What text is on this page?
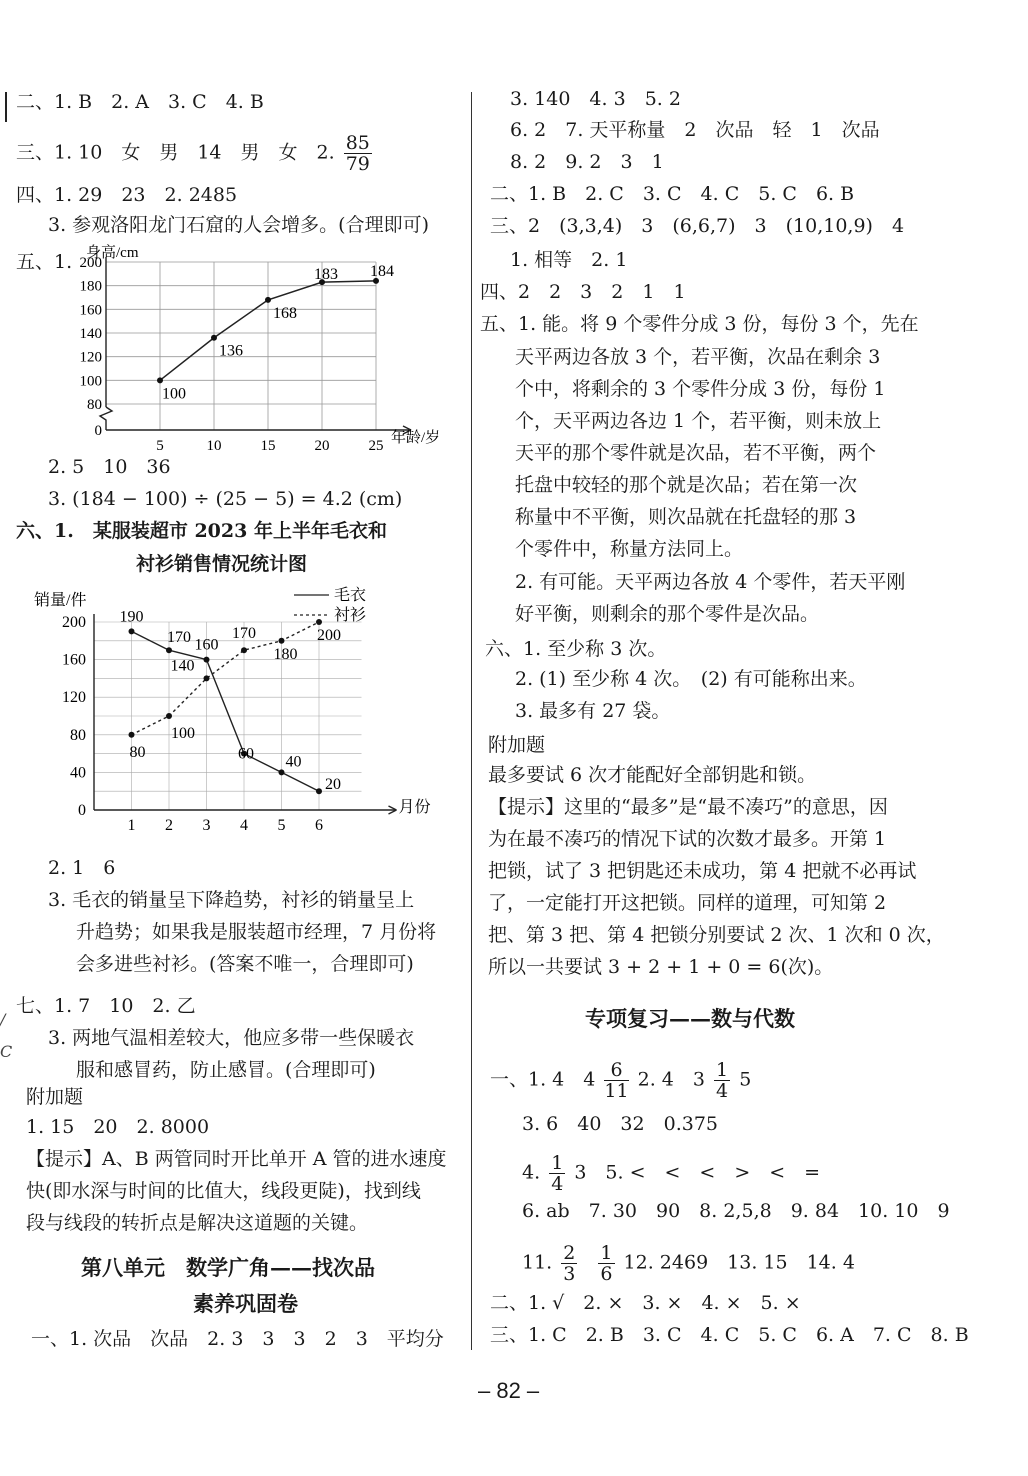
二、1. B　2. A　3. C　4. B
三、1. 10　女　男　14　男　女　2. $\frac{85}{79}$
四、1. 29　23　2. 2485
3. 参观洛阳龙门石窟的人会增多。(合理即可)
五、1.
0
80
100
120
140
160
180
200
5	10	15	20	25
身高/cm
年龄/岁
100
136
168
183 184
2. 5　10　36
3. (184 − 100) ÷ (25 − 5) = 4.2 (cm)
六、1.　某服装超市 2023 年上半年毛衣和
衬衫销售情况统计图
0
40
80
120
160
200
1 2 3 4 5 6
销量/件
月份
毛衣
衬衫
190
170 160
60 40
20
80
100
140
170
180
200
2. 1　6
3. 毛衣的销量呈下降趋势，衬衫的销量呈上
升趋势；如果我是服装超市经理，7 月份将
会多进些衬衫。(答案不唯一，合理即可)
七、1. 7　10　2. 乙
3. 两地气温相差较大，他应多带一些保暖衣
服和感冒药，防止感冒。(合理即可)
附加题
1. 15　20　2. 8000
【提示】A、B 两管同时开比单开 A 管的进水速度
快(即水深与时间的比值大，线段更陡)，找到线
段与线段的转折点是解决这道题的关键。
第八单元　数学广角——找次品
素养巩固卷
一、1. 次品　次品　2. 3　3　3　2　3　平均分
3. 140　4. 3　5. 2
6. 2　7. 天平称量　2　次品　轻　1　次品
8. 2　9. 2　3　1
二、1. B　2. C　3. C　4. C　5. C　6. B
三、2　(3,3,4)　3　(6,6,7)　3　(10,10,9)　4
1. 相等　2. 1
四、2　2　3　2　1　1
五、1. 能。将 9 个零件分成 3 份，每份 3 个，先在
天平两边各放 3 个，若平衡，次品在剩余 3
个中，将剩余的 3 个零件分成 3 份，每份 1
个，天平两边各边 1 个，若平衡，则未放上
天平的那个零件就是次品，若不平衡，两个
托盘中较轻的那个就是次品；若在第一次
称量中不平衡，则次品就在托盘轻的那 3
个零件中，称量方法同上。
2. 有可能。天平两边各放 4 个零件，若天平刚
好平衡，则剩余的那个零件是次品。
六、1. 至少称 3 次。
2. (1) 至少称 4 次。　(2) 有可能称出来。
3. 最多有 27 袋。
附加题
最多要试 6 次才能配好全部钥匙和锁。
【提示】这里的“最多”是“最不凑巧”的意思，因
为在最不凑巧的情况下试的次数才最多。开第 1
把锁，试了 3 把钥匙还未成功，第 4 把就不必再试
了，一定能打开这把锁。同样的道理，可知第 2
把、第 3 把、第 4 把锁分别要试 2 次、1 次和 0 次，
所以一共要试 3 + 2 + 1 + 0 = 6(次)。
专项复习——数与代数
一、1. 4　$4 \frac{6}{11} 2$. 4　$3 \frac{1}{4} 5$
3. 6　40　32　0.375
4. $\frac{1}{4} 3$　5. <　<　<　>　<　=
6. ab　7. 30　90　8. 2,5,8　9. 84　10. 10　9
11. $\frac{2}{3}$
$\frac{1}{6} 12$. 2469　13. 15　14. 4
二、1. √　2. ×　3. ×　4. ×　5. ×
三、1. C　2. B　3. C　4. C　5. C　6. A　7. C　8. B
– 82 –
/
C
